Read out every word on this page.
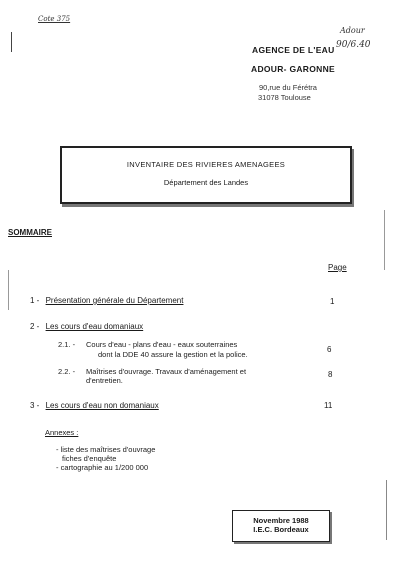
Cote 375
Adour
90/6.40
AGENCE DE L'EAU
ADOUR- GARONNE
90,rue du Férétra
31078 Toulouse
INVENTAIRE DES RIVIERES AMENAGEES
Département des Landes
SOMMAIRE
Page
1 - Présentation générale du Département	1
2 - Les cours d'eau domaniaux
2.1. - Cours d'eau - plans d'eau - eaux souterraines
dont la DDE 40 assure la gestion et la police.
6
2.2. - Maîtrises d'ouvrage. Travaux d'aménagement et
d'entretien.
8
3 - Les cours d'eau non domaniaux	11
Annexes :
- liste des maîtrises d'ouvrage
fiches d'enquête
- cartographie au 1/200 000
Novembre 1988
I.E.C. Bordeaux
